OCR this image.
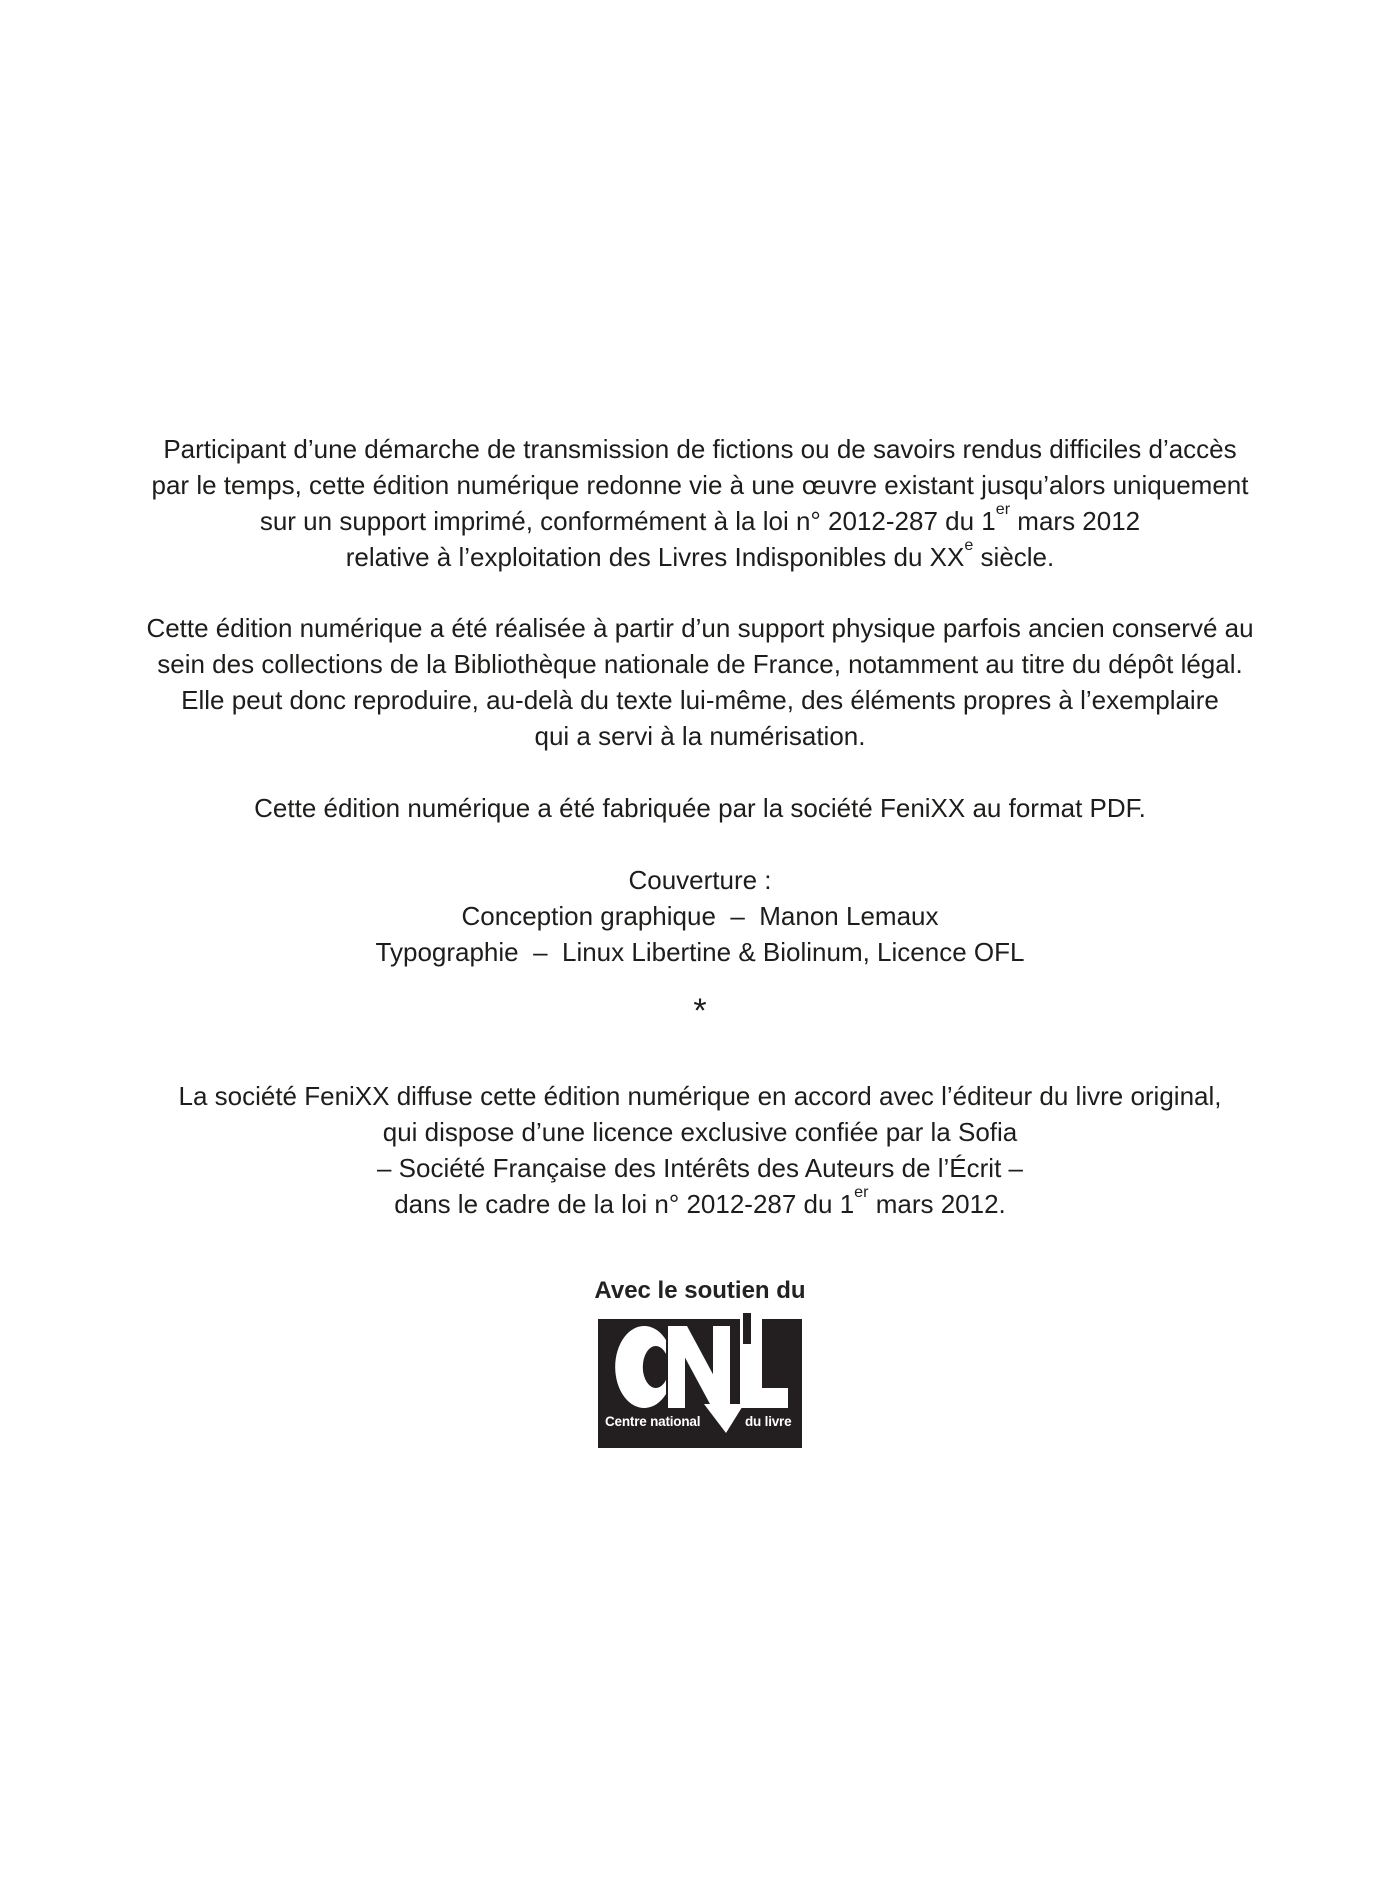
Participant d’une démarche de transmission de fictions ou de savoirs rendus difficiles d’accès
par le temps, cette édition numérique redonne vie à une œuvre existant jusqu’alors uniquement
sur un support imprimé, conformément à la loi n° 2012-287 du 1er mars 2012
relative à l’exploitation des Livres Indisponibles du XXe siècle.
Cette édition numérique a été réalisée à partir d’un support physique parfois ancien conservé au
sein des collections de la Bibliothèque nationale de France, notamment au titre du dépôt légal.
Elle peut donc reproduire, au-delà du texte lui-même, des éléments propres à l’exemplaire
qui a servi à la numérisation.
Cette édition numérique a été fabriquée par la société FeniXX au format PDF.
Couverture :
Conception graphique  –  Manon Lemaux
Typographie  –  Linux Libertine & Biolinum, Licence OFL
*
La société FeniXX diffuse cette édition numérique en accord avec l’éditeur du livre original,
qui dispose d’une licence exclusive confiée par la Sofia
– Société Française des Intérêts des Auteurs de l’Écrit –
dans le cadre de la loi n° 2012-287 du 1er mars 2012.
Avec le soutien du
Centre national	du livre
